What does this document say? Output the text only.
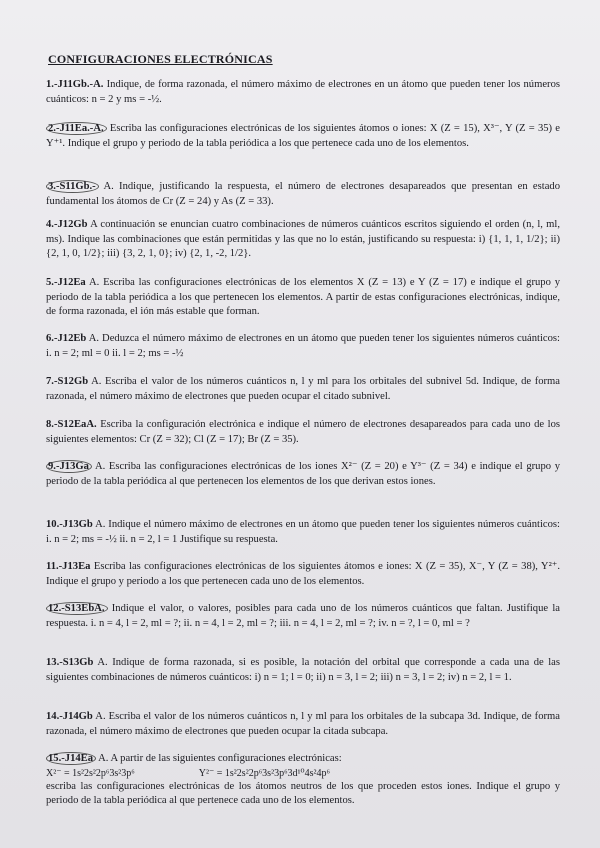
CONFIGURACIONES ELECTRÓNICAS

1.-J11Gb.-A. Indique, de forma razonada, el número máximo de electrones en un átomo que pueden tener los números cuánticos: n = 2 y ms = -½.

2.-J11Ea.-A. Escriba las configuraciones electrónicas de los siguientes átomos o iones: X (Z = 15), X³⁻, Y (Z = 35) e Y⁺¹. Indique el grupo y periodo de la tabla periódica a los que pertenece cada uno de los elementos.

3.-S11Gb.- A. Indique, justificando la respuesta, el número de electrones desapareados que presentan en estado fundamental los átomos de Cr (Z = 24) y As (Z = 33).

4.-J12Gb A continuación se enuncian cuatro combinaciones de números cuánticos escritos siguiendo el orden (n, l, ml, ms). Indique las combinaciones que están permitidas y las que no lo están, justificando su respuesta: i) {1, 1, 1, 1/2}; ii) {2, 1, 0, 1/2}; iii) {3, 2, 1, 0}; iv) {2, 1, -2, 1/2}.

5.-J12Ea A. Escriba las configuraciones electrónicas de los elementos X (Z = 13) e Y (Z = 17) e indique el grupo y periodo de la tabla periódica a los que pertenecen los elementos. A partir de estas configuraciones electrónicas, indique, de forma razonada, el ión más estable que forman.

6.-J12Eb A. Deduzca el número máximo de electrones en un átomo que pueden tener los siguientes números cuánticos: i. n = 2; ml = 0 ii. l = 2; ms = -½

7.-S12Gb A. Escriba el valor de los números cuánticos n, l y ml para los orbitales del subnivel 5d. Indique, de forma razonada, el número máximo de electrones que pueden ocupar el citado subnivel.

8.-S12EaA. Escriba la configuración electrónica e indique el número de electrones desapareados para cada uno de los siguientes elementos: Cr (Z = 32); Cl (Z = 17); Br (Z = 35).

9.-J13Ga A. Escriba las configuraciones electrónicas de los iones X²⁻ (Z = 20) e Y³⁻ (Z = 34) e indique el grupo y periodo de la tabla periódica al que pertenecen los elementos de los que derivan estos iones.

10.-J13Gb A. Indique el número máximo de electrones en un átomo que pueden tener los siguientes números cuánticos: i. n = 2; ms = -½ ii. n = 2, l = 1 Justifique su respuesta.

11.-J13Ea Escriba las configuraciones electrónicas de los siguientes átomos e iones: X (Z = 35), X⁻, Y (Z = 38), Y²⁺. Indique el grupo y periodo a los que pertenecen cada uno de los elementos.

12.-S13EbA. Indique el valor, o valores, posibles para cada uno de los números cuánticos que faltan. Justifique la respuesta. i. n = 4, l = 2, ml = ?; ii. n = 4, l = 2, ml = ?; iii. n = 4, l = 2, ml = ?; iv. n = ?, l = 0, ml = ?

13.-S13Gb A. Indique de forma razonada, si es posible, la notación del orbital que corresponde a cada una de las siguientes combinaciones de números cuánticos: i) n = 1; l = 0; ii) n = 3, l = 2; iii) n = 3, l = 2; iv) n = 2, l = 1.

14.-J14Gb A. Escriba el valor de los números cuánticos n, l y ml para los orbitales de la subcapa 3d. Indique, de forma razonada, el número máximo de electrones que pueden ocupar la citada subcapa.

15.-J14Ea A. A partir de las siguientes configuraciones electrónicas:
X²⁻ = 1s²2s²2p⁶3s²3p⁶	Y²⁻ = 1s²2s²2p⁶3s²3p⁶3d¹⁰4s²4p⁶
escriba las configuraciones electrónicas de los átomos neutros de los que proceden estos iones. Indique el grupo y periodo de la tabla periódica al que pertenece cada uno de los elementos.
